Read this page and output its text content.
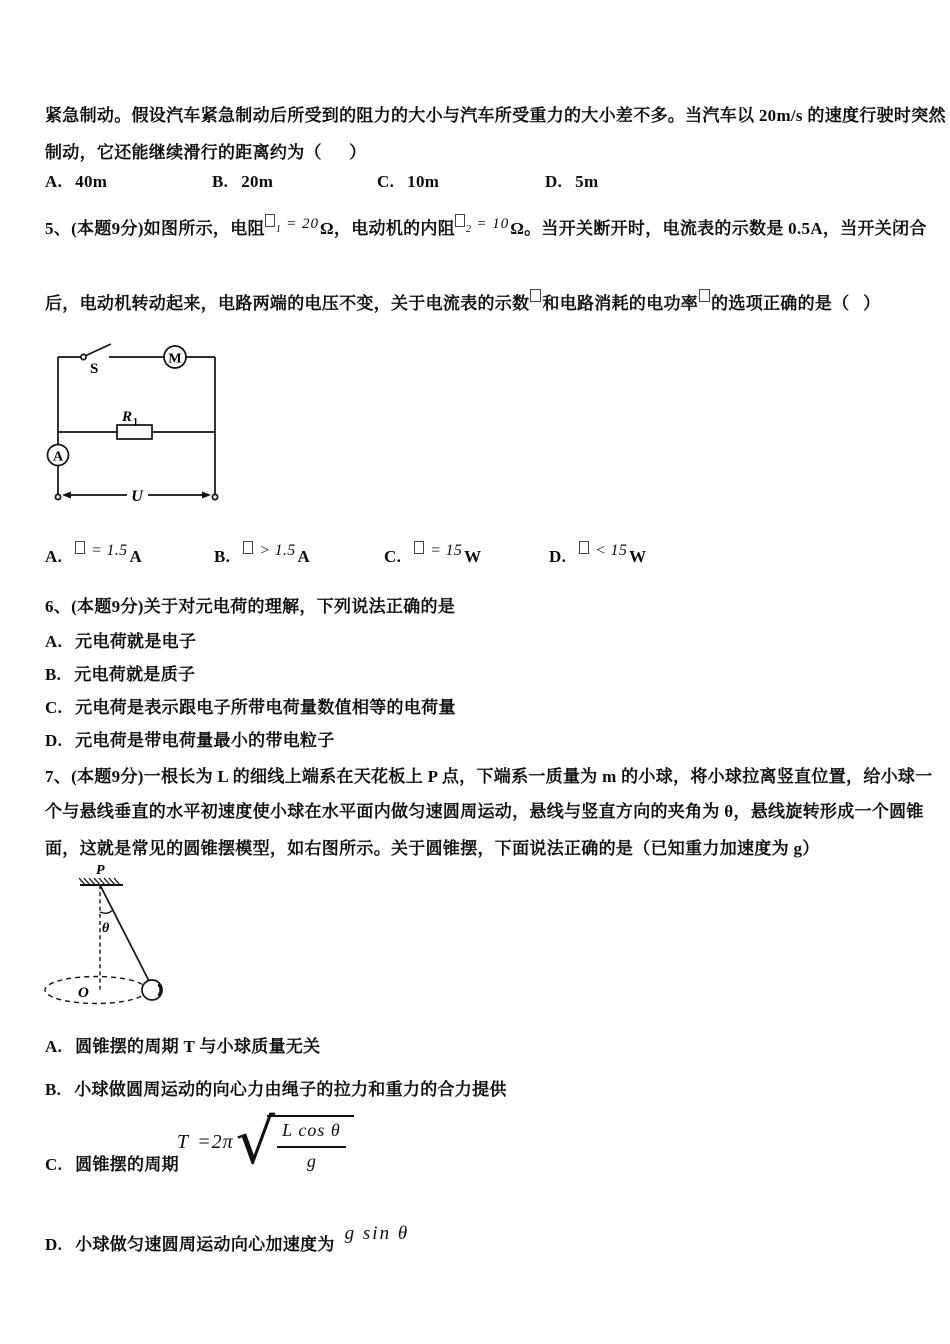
紧急制动。假设汽车紧急制动后所受到的阻力的大小与汽车所受重力的大小差不多。当汽车以 20m/s 的速度行驶时突然

制动，它还能继续滑行的距离约为（      ）

A. 40m	B. 20m	C. 10m	D. 5m

5、(本题9分)如图所示，电阻 $_1$ = 20Ω，电动机的内阻 $_2$ = 10Ω。当开关断开时，电流表的示数是 0.5A，当开关闭合

后，电动机转动起来，电路两端的电压不变，关于电流表的示数 和电路消耗的电功率 的选项正确的是（   ）

S
M
R 1
A
U
A. = 1.5 A	B. > 1.5 A	C. = 15 W	D. < 15 W

6、(本题9分)关于对元电荷的理解，下列说法正确的是

A. 元电荷就是电子
B. 元电荷就是质子
C. 元电荷是表示跟电子所带电荷量数值相等的电荷量
D. 元电荷是带电荷量最小的带电粒子

7、(本题9分)一根长为 L 的细线上端系在天花板上 P 点，下端系一质量为 m 的小球，将小球拉离竖直位置，给小球一

个与悬线垂直的水平初速度使小球在水平面内做匀速圆周运动，悬线与竖直方向的夹角为 θ，悬线旋转形成一个圆锥

面，这就是常见的圆锥摆模型，如右图所示。关于圆锥摆，下面说法正确的是（已知重力加速度为 g）

P
θ
O
A. 圆锥摆的周期 T 与小球质量无关
B. 小球做圆周运动的向心力由绳子的拉力和重力的合力提供
C. 圆锥摆的周期
T =2π √
$\frac{\text{L cos θ}}{g}$
D. 小球做匀速圆周运动向心加速度为g sin θ
